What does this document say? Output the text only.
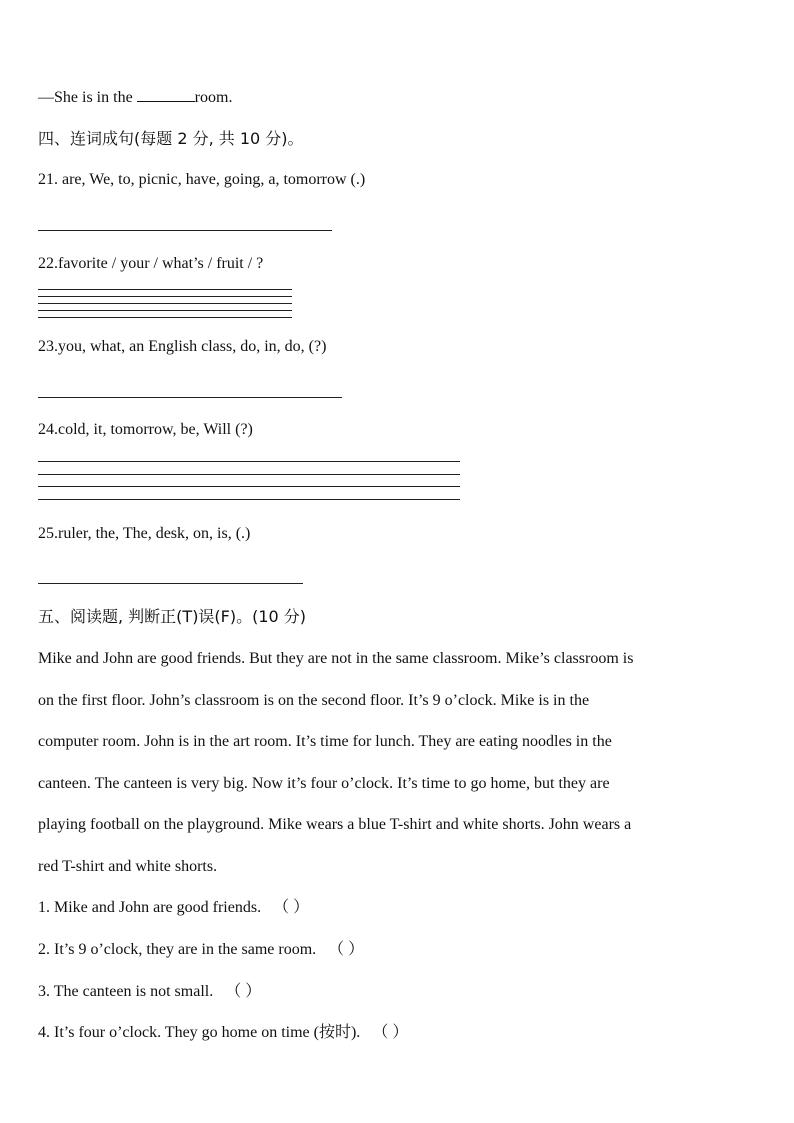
—She is in the	room.
四、连词成句(每题 2 分, 共 10 分)。
21. are, We, to, picnic, have, going, a, tomorrow (.)
22.favorite / your / what’s / fruit / ?
23.you, what, an English class, do, in, do, (?)
24.cold, it, tomorrow, be, Will (?)
25.ruler, the, The, desk, on, is, (.)
五、阅读题, 判断正(T)误(F)。(10 分)
Mike and John are good friends. But they are not in the same classroom. Mike’s classroom is
on the first floor. John’s classroom is on the second floor. It’s 9 o’clock. Mike is in the
computer room. John is in the art room. It’s time for lunch. They are eating noodles in the
canteen. The canteen is very big. Now it’s four o’clock. It’s time to go home, but they are
playing football on the playground. Mike wears a blue T-shirt and white shorts. John wears a
red T-shirt and white shorts.
1. Mike and John are good friends. （ ）
2. It’s 9 o’clock, they are in the same room. （ ）
3. The canteen is not small. （ ）
4. It’s four o’clock. They go home on time (按时). （ ）
